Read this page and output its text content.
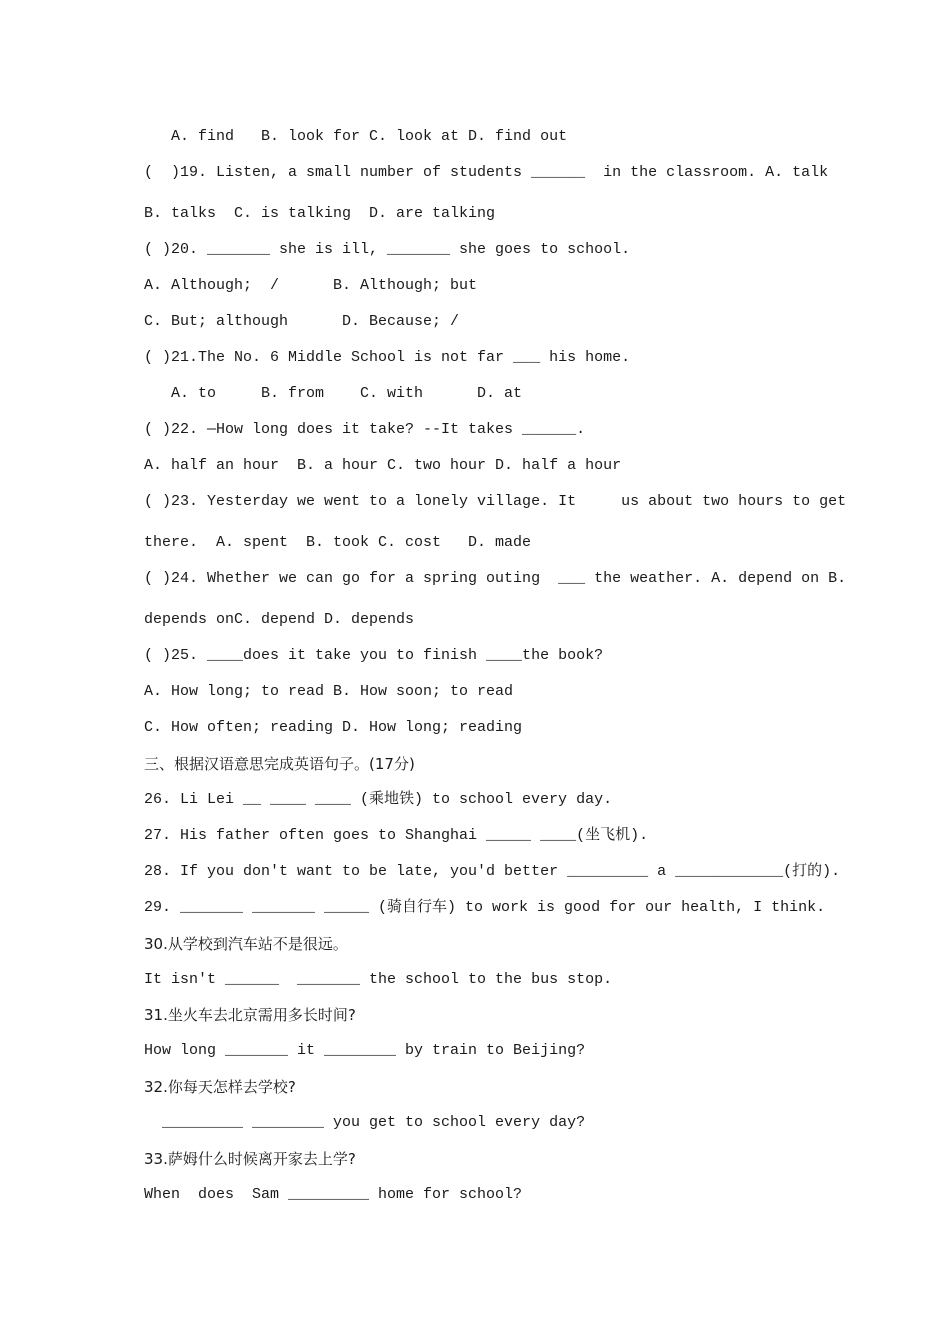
A. find   B. look for C. look at D. find out
(  )19. Listen, a small number of students ______  in the classroom. A. talk
B. talks  C. is talking  D. are talking
( )20. _______ she is ill, _______ she goes to school.
A. Although;  /      B. Although; but
C. But; although      D. Because; /
( )21.The No. 6 Middle School is not far ___ his home.
A. to     B. from    C. with      D. at
( )22. —How long does it take? --It takes ______.
A. half an hour  B. a hour C. two hour D. half a hour
( )23. Yesterday we went to a lonely village. It     us about two hours to get
there.  A. spent  B. took C. cost   D. made
( )24. Whether we can go for a spring outing  ___ the weather. A. depend on B.
depends onC. depend D. depends
( )25. ____does it take you to finish ____the book?
A. How long; to read B. How soon; to read
C. How often; reading D. How long; reading
三、根据汉语意思完成英语句子。(17分)
26. Li Lei __ ____ ____ (乘地铁) to school every day.
27. His father often goes to Shanghai _____ ____(坐飞机).
28. If you don't want to be late, you'd better _________ a ____________(打的).
29. _______ _______ _____ (骑自行车) to work is good for our health, I think.
30.从学校到汽车站不是很远。
It isn't ______  _______ the school to the bus stop.
31.坐火车去北京需用多长时间?
How long _______ it ________ by train to Beijing?
32.你每天怎样去学校?
_________ ________ you get to school every day?
33.萨姆什么时候离开家去上学?
When  does  Sam _________ home for school?
